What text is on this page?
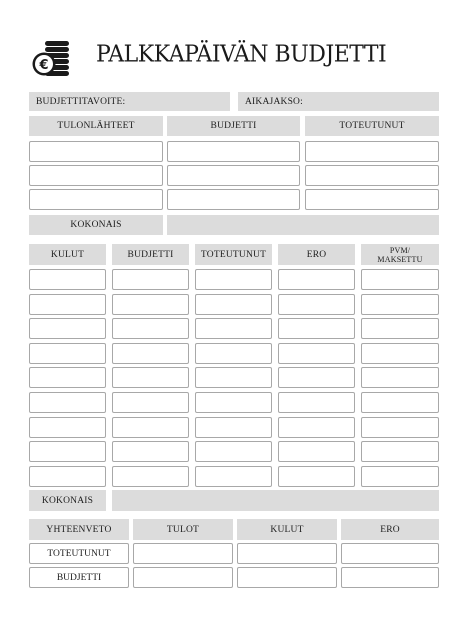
€ PALKKAPÄIVÄN BUDJETTI
BUDJETTITAVOITE:	AIKAJAKSO:
TULONLÄHTEET	BUDJETTI	TOTEUTUNUT
KOKONAIS
KULUT	BUDJETTI	TOTEUTUNUT	ERO	PVM/
MAKSETTU
KOKONAIS
YHTEENVETO	TULOT	KULUT	ERO
TOTEUTUNUT
BUDJETTI
